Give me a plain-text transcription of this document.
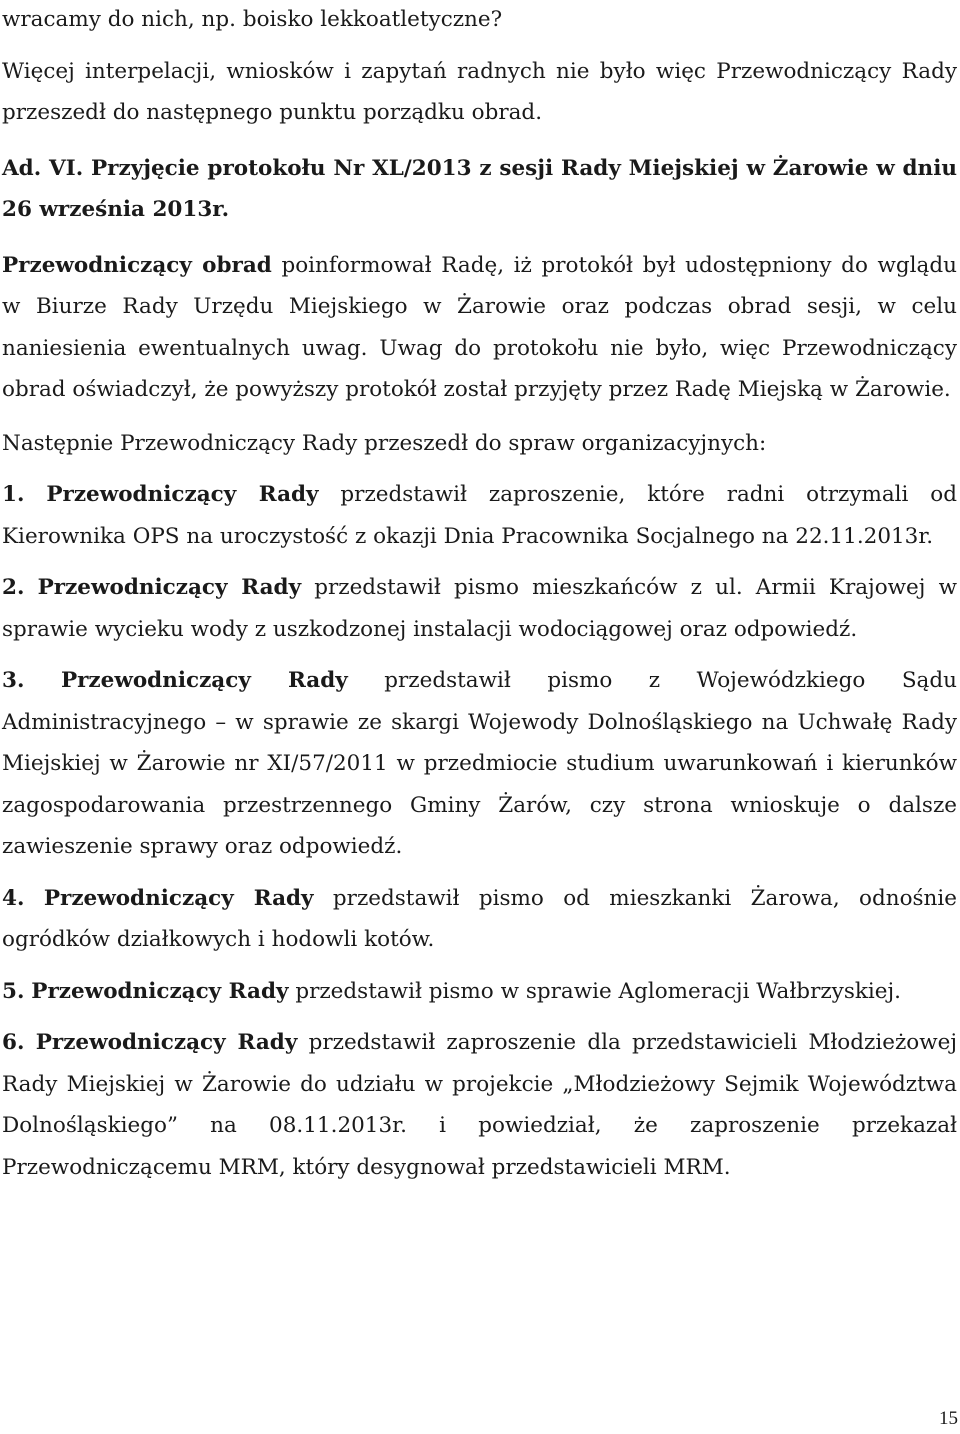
wracamy do nich, np. boisko lekkoatletyczne?

Więcej interpelacji, wniosków i zapytań radnych nie było więc Przewodniczący Rady przeszedł do następnego punktu porządku obrad.

Ad. VI. Przyjęcie protokołu Nr XL/2013 z sesji Rady Miejskiej w Żarowie w dniu 26 września 2013r.

Przewodniczący obrad poinformował Radę, iż protokół był udostępniony do wglądu w Biurze Rady Urzędu Miejskiego w Żarowie oraz podczas obrad sesji, w celu naniesienia ewentualnych uwag. Uwag do protokołu nie było, więc Przewodniczący obrad oświadczył, że powyższy protokół został przyjęty przez Radę Miejską w Żarowie.

Następnie Przewodniczący Rady przeszedł do spraw organizacyjnych:

1. Przewodniczący Rady przedstawił zaproszenie, które radni otrzymali od Kierownika OPS na uroczystość z okazji Dnia Pracownika Socjalnego na 22.11.2013r.

2. Przewodniczący Rady przedstawił pismo mieszkańców z ul. Armii Krajowej w sprawie wycieku wody z uszkodzonej instalacji wodociągowej oraz odpowiedź.

3. Przewodniczący Rady przedstawił pismo z Wojewódzkiego Sądu Administracyjnego – w sprawie ze skargi Wojewody Dolnośląskiego na Uchwałę Rady Miejskiej w Żarowie nr XI/57/2011 w przedmiocie studium uwarunkowań i kierunków zagospodarowania przestrzennego Gminy Żarów, czy strona wnioskuje o dalsze zawieszenie sprawy oraz odpowiedź.

4. Przewodniczący Rady przedstawił pismo od mieszkanki Żarowa, odnośnie ogródków działkowych i hodowli kotów.

5. Przewodniczący Rady przedstawił pismo w sprawie Aglomeracji Wałbrzyskiej.

6. Przewodniczący Rady przedstawił zaproszenie dla przedstawicieli Młodzieżowej Rady Miejskiej w Żarowie do udziału w projekcie „Młodzieżowy Sejmik Województwa Dolnośląskiego” na 08.11.2013r. i powiedział, że zaproszenie przekazał Przewodniczącemu MRM, który desygnował przedstawicieli MRM.

15
